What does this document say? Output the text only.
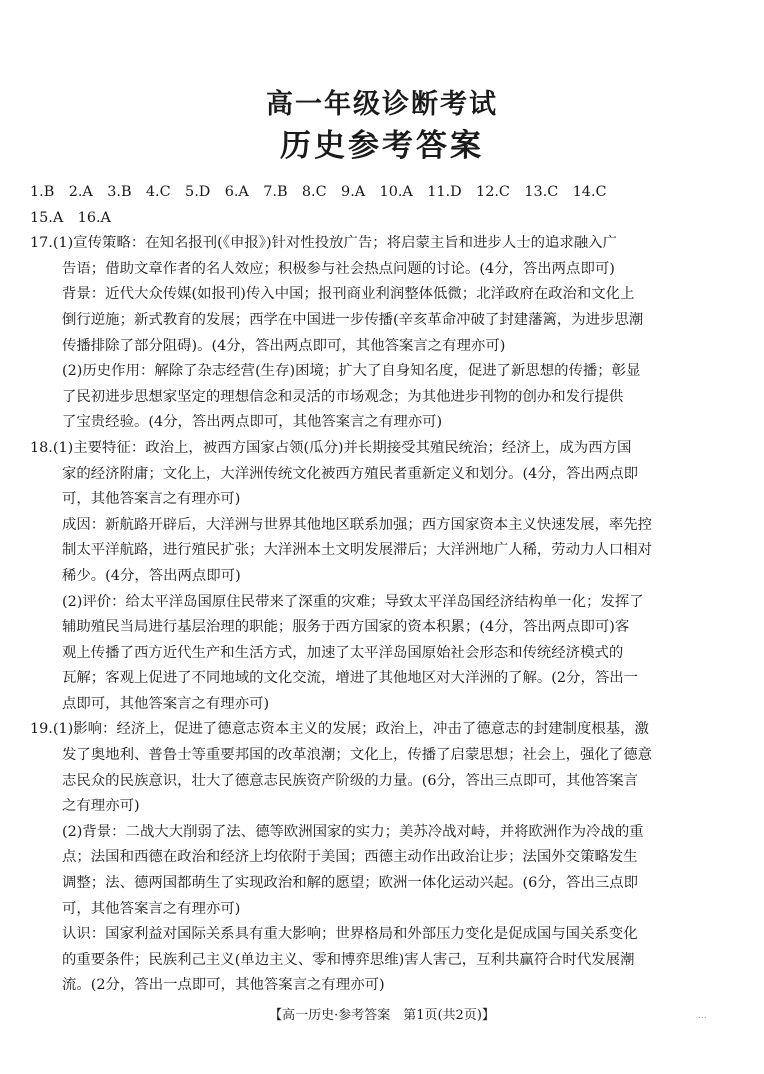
高一年级诊断考试
历史参考答案

1.B　2.A　3.B　4.C　5.D　6.A　7.B　8.C　9.A　10.A　11.D　12.C　13.C　14.C

15.A　16.A

17.(1)宣传策略：在知名报刊(《申报》)针对性投放广告；将启蒙主旨和进步人士的追求融入广

告语；借助文章作者的名人效应；积极参与社会热点问题的讨论。(4分，答出两点即可)

背景：近代大众传媒(如报刊)传入中国；报刊商业利润整体低微；北洋政府在政治和文化上

倒行逆施；新式教育的发展；西学在中国进一步传播(辛亥革命冲破了封建藩篱，为进步思潮

传播排除了部分阻碍)。(4分，答出两点即可，其他答案言之有理亦可)

(2)历史作用：解除了杂志经营(生存)困境；扩大了自身知名度，促进了新思想的传播；彰显

了民初进步思想家坚定的理想信念和灵活的市场观念；为其他进步刊物的创办和发行提供

了宝贵经验。(4分，答出两点即可，其他答案言之有理亦可)

18.(1)主要特征：政治上，被西方国家占领(瓜分)并长期接受其殖民统治；经济上，成为西方国

家的经济附庸；文化上，大洋洲传统文化被西方殖民者重新定义和划分。(4分，答出两点即

可，其他答案言之有理亦可)

成因：新航路开辟后，大洋洲与世界其他地区联系加强；西方国家资本主义快速发展，率先控

制太平洋航路，进行殖民扩张；大洋洲本土文明发展滞后；大洋洲地广人稀，劳动力人口相对

稀少。(4分，答出两点即可)

(2)评价：给太平洋岛国原住民带来了深重的灾难；导致太平洋岛国经济结构单一化；发挥了

辅助殖民当局进行基层治理的职能；服务于西方国家的资本积累；(4分，答出两点即可)客

观上传播了西方近代生产和生活方式，加速了太平洋岛国原始社会形态和传统经济模式的

瓦解；客观上促进了不同地域的文化交流，增进了其他地区对大洋洲的了解。(2分，答出一

点即可，其他答案言之有理亦可)

19.(1)影响：经济上，促进了德意志资本主义的发展；政治上，冲击了德意志的封建制度根基，激

发了奥地利、普鲁士等重要邦国的改革浪潮；文化上，传播了启蒙思想；社会上，强化了德意

志民众的民族意识，壮大了德意志民族资产阶级的力量。(6分，答出三点即可，其他答案言

之有理亦可)

(2)背景：二战大大削弱了法、德等欧洲国家的实力；美苏冷战对峙，并将欧洲作为冷战的重

点；法国和西德在政治和经济上均依附于美国；西德主动作出政治让步；法国外交策略发生

调整；法、德两国都萌生了实现政治和解的愿望；欧洲一体化运动兴起。(6分，答出三点即

可，其他答案言之有理亦可)

认识：国家利益对国际关系具有重大影响；世界格局和外部压力变化是促成国与国关系变化

的重要条件；民族利己主义(单边主义、零和博弈思维)害人害己，互利共赢符合时代发展潮

流。(2分，答出一点即可，其他答案言之有理亦可)

【高一历史·参考答案　第1页(共2页)】	...
